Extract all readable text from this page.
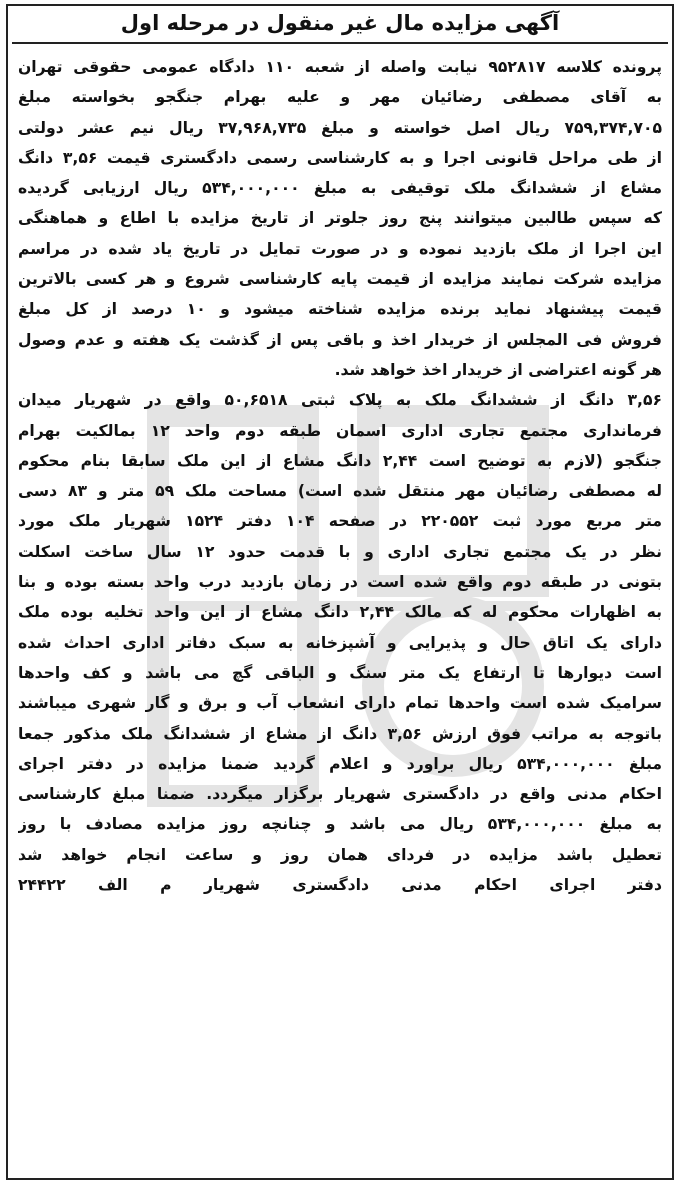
آگهی مزایده مال غیر منقول در مرحله اول
پرونده کلاسه ۹۵۲۸۱۷ نیابت واصله از شعبه ۱۱۰ دادگاه عمومی حقوقی تهران
به آقای مصطفی رضائیان مهر و علیه بهرام جنگجو بخواسته مبلغ
۷۵۹,۳۷۴,۷۰۵ ریال اصل خواسته و مبلغ ۳۷,۹۶۸,۷۳۵ ریال نیم عشر دولتی
از طی مراحل قانونی اجرا و به کارشناسی رسمی دادگستری قیمت ۳,۵۶ دانگ
مشاع از ششدانگ ملک توقیفی به مبلغ ۵۳۴,۰۰۰,۰۰۰ ریال ارزیابی گردیده
که سپس طالبین میتوانند پنج روز جلوتر از تاریخ مزایده با اطاع و هماهنگی
این اجرا از ملک بازدید نموده و در صورت تمایل در تاریخ یاد شده در مراسم
مزایده شرکت نمایند مزایده از قیمت پایه کارشناسی شروع و هر کسی بالاترین
قیمت پیشنهاد نماید برنده مزایده شناخته میشود و ۱۰ درصد از کل مبلغ
فروش فی المجلس از خریدار اخذ و باقی پس از گذشت یک هفته و عدم وصول
هر گونه اعتراضی از خریدار اخذ خواهد شد.
۳,۵۶ دانگ از ششدانگ ملک به پلاک ثبتی ۵۰,۶۵۱۸ واقع در شهریار میدان
فرمانداری مجتمع تجاری اداری اسمان طبقه دوم واحد ۱۲ بمالکیت بهرام
جنگجو (لازم به توضیح است ۲,۴۴ دانگ مشاع از این ملک سابقا بنام محکوم
له مصطفی رضائیان مهر منتقل شده است) مساحت ملک ۵۹ متر و ۸۳ دسی
متر مربع مورد ثبت ۲۲۰۵۵۲ در صفحه ۱۰۴ دفتر ۱۵۲۴ شهریار ملک مورد
نظر در یک مجتمع تجاری اداری و با قدمت حدود ۱۲ سال ساخت اسکلت
بتونی در طبقه دوم واقع شده است در زمان بازدید درب واحد بسته بوده و بنا
به اظهارات محکوم له که مالک ۲,۴۴ دانگ مشاع از این واحد تخلیه بوده ملک
دارای یک اتاق حال و پذیرایی و آشپزخانه به سبک دفاتر اداری احداث شده
است دیوارها تا ارتفاع یک متر سنگ و الباقی گچ می باشد و کف واحدها
سرامیک شده است واحدها تمام دارای انشعاب آب و برق و گار شهری میباشند
باتوجه به مراتب فوق ارزش ۳,۵۶ دانگ از مشاع از ششدانگ ملک مذکور جمعا
مبلغ ۵۳۴,۰۰۰,۰۰۰ ریال براورد و اعلام گردید ضمنا مزایده در دفتر اجرای
احکام مدنی واقع در دادگستری شهریار برگزار میگردد. ضمنا مبلغ کارشناسی
به مبلغ ۵۳۴,۰۰۰,۰۰۰ ریال می باشد و چنانچه روز مزایده مصادف با روز
تعطیل باشد مزایده در فردای همان روز و ساعت انجام خواهد شد
دفتر اجرای احکام مدنی دادگستری شهریار م الف ۲۴۴۲۲
